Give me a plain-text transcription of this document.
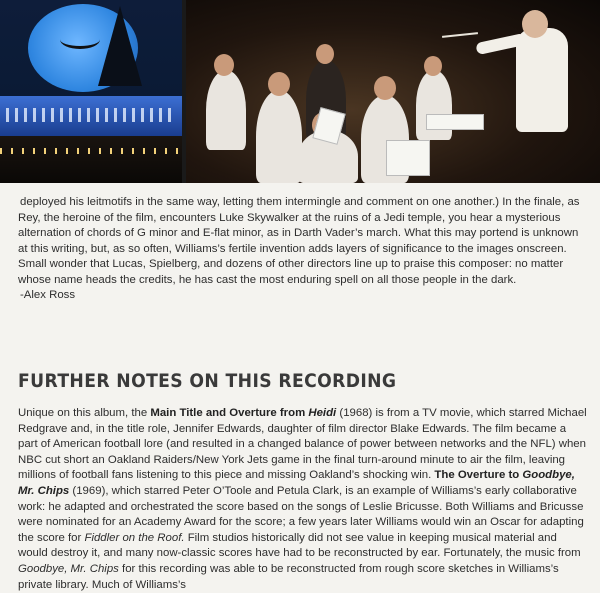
deployed his leitmotifs in the same way, letting them intermingle and comment on one another.) In the finale, as Rey, the heroine of the film, encounters Luke Skywalker at the ruins of a Jedi temple, you hear a mysterious alternation of chords of G minor and E-flat minor, as in Darth Vader’s march. What this may portend is unknown at this writing, but, as so often, Williams’s fertile invention adds layers of significance to the images onscreen. Small wonder that Lucas, Spielberg, and dozens of other directors line up to praise this composer: no matter whose name heads the credits, he has cast the most enduring spell on all those people in the dark.

-Alex Ross

FURTHER NOTES ON THIS RECORDING

Unique on this album, the Main Title and Overture from Heidi (1968) is from a TV movie, which starred Michael Redgrave and, in the title role, Jennifer Edwards, daughter of film director Blake Edwards. The film became a part of American football lore (and resulted in a changed balance of power between networks and the NFL) when NBC cut short an Oakland Raiders/New York Jets game in the final turn-around minute to air the film, leaving millions of football fans listening to this piece and missing Oakland’s shocking win. The Overture to Goodbye, Mr. Chips (1969), which starred Peter O’Toole and Petula Clark, is an example of Williams’s early collaborative work: he adapted and orchestrated the score based on the songs of Leslie Bricusse. Both Williams and Bricusse were nominated for an Academy Award for the score; a few years later Williams would win an Oscar for adapting the score for Fiddler on the Roof. Film studios historically did not see value in keeping musical material and would destroy it, and many now-classic scores have had to be reconstructed by ear. Fortunately, the music from Goodbye, Mr. Chips for this recording was able to be reconstructed from rough score sketches in Williams’s private library. Much of Williams’s
